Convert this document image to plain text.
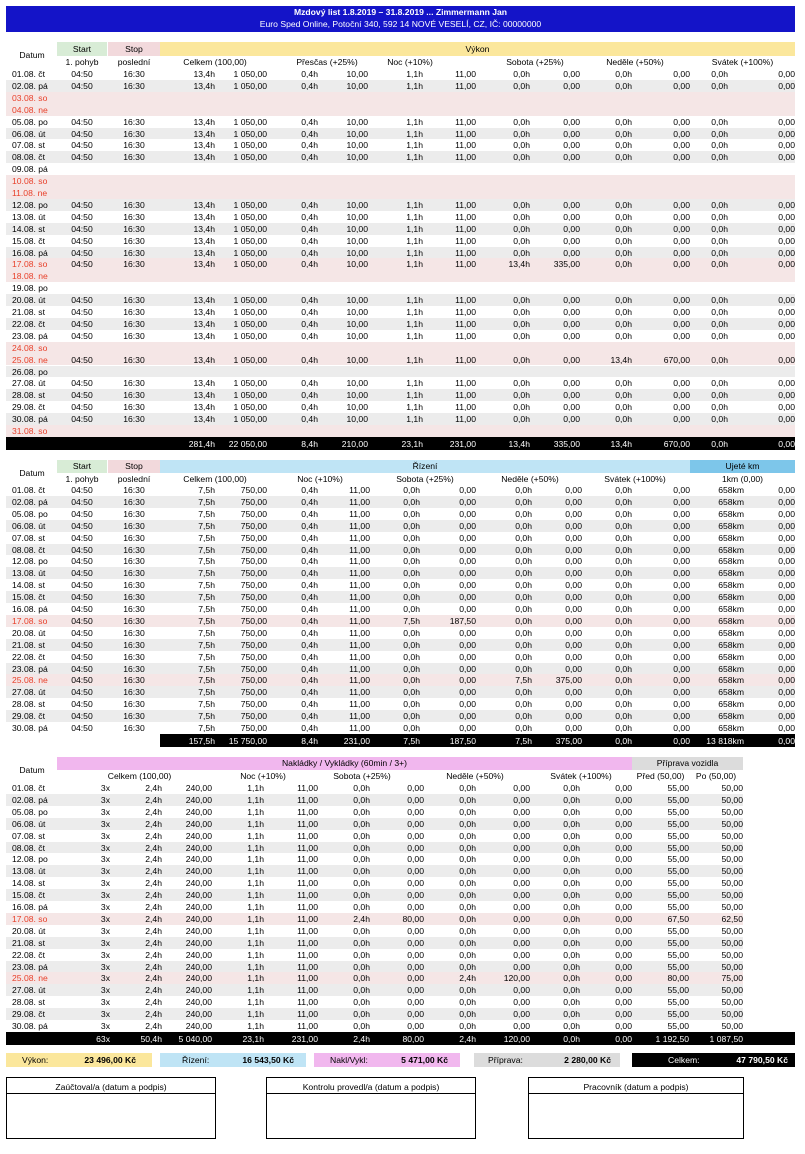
Mzdový list 1.8.2019 – 31.8.2019 ... Zimmermann Jan
Euro Sped Online, Potoční 340, 592 14 NOVÉ VESELÍ, CZ, IČ: 00000000
Zaúčtoval/a (datum a podpis)	Kontrolu provedl/a (datum a podpis)	Pracovník (datum a podpis)
Datum
Start
1. pohyb
Stop
poslední
Výkon
Celkem (100,00)	Přesčas (+25%)	Noc (+10%)	Sobota (+25%)	Neděle (+50%)	Svátek (+100%)
01.08. čt	04:50	16:30	13,4h	1 050,00	0,4h	10,00	1,1h	11,00	0,0h	0,00	0,0h	0,00	0,0h	0,00
02.08. pá	04:50	16:30	13,4h	1 050,00	0,4h	10,00	1,1h	11,00	0,0h	0,00	0,0h	0,00	0,0h	0,00
03.08. so
04.08. ne
05.08. po	04:50	16:30	13,4h	1 050,00	0,4h	10,00	1,1h	11,00	0,0h	0,00	0,0h	0,00	0,0h	0,00
06.08. út	04:50	16:30	13,4h	1 050,00	0,4h	10,00	1,1h	11,00	0,0h	0,00	0,0h	0,00	0,0h	0,00
07.08. st	04:50	16:30	13,4h	1 050,00	0,4h	10,00	1,1h	11,00	0,0h	0,00	0,0h	0,00	0,0h	0,00
08.08. čt	04:50	16:30	13,4h	1 050,00	0,4h	10,00	1,1h	11,00	0,0h	0,00	0,0h	0,00	0,0h	0,00
09.08. pá
10.08. so
11.08. ne
12.08. po	04:50	16:30	13,4h	1 050,00	0,4h	10,00	1,1h	11,00	0,0h	0,00	0,0h	0,00	0,0h	0,00
13.08. út	04:50	16:30	13,4h	1 050,00	0,4h	10,00	1,1h	11,00	0,0h	0,00	0,0h	0,00	0,0h	0,00
14.08. st	04:50	16:30	13,4h	1 050,00	0,4h	10,00	1,1h	11,00	0,0h	0,00	0,0h	0,00	0,0h	0,00
15.08. čt	04:50	16:30	13,4h	1 050,00	0,4h	10,00	1,1h	11,00	0,0h	0,00	0,0h	0,00	0,0h	0,00
16.08. pá	04:50	16:30	13,4h	1 050,00	0,4h	10,00	1,1h	11,00	0,0h	0,00	0,0h	0,00	0,0h	0,00
17.08. so	04:50	16:30	13,4h	1 050,00	0,4h	10,00	1,1h	11,00	13,4h	335,00	0,0h	0,00	0,0h	0,00
18.08. ne
19.08. po
20.08. út	04:50	16:30	13,4h	1 050,00	0,4h	10,00	1,1h	11,00	0,0h	0,00	0,0h	0,00	0,0h	0,00
21.08. st	04:50	16:30	13,4h	1 050,00	0,4h	10,00	1,1h	11,00	0,0h	0,00	0,0h	0,00	0,0h	0,00
22.08. čt	04:50	16:30	13,4h	1 050,00	0,4h	10,00	1,1h	11,00	0,0h	0,00	0,0h	0,00	0,0h	0,00
23.08. pá	04:50	16:30	13,4h	1 050,00	0,4h	10,00	1,1h	11,00	0,0h	0,00	0,0h	0,00	0,0h	0,00
24.08. so
25.08. ne	04:50	16:30	13,4h	1 050,00	0,4h	10,00	1,1h	11,00	0,0h	0,00	13,4h	670,00	0,0h	0,00
26.08. po
27.08. út	04:50	16:30	13,4h	1 050,00	0,4h	10,00	1,1h	11,00	0,0h	0,00	0,0h	0,00	0,0h	0,00
28.08. st	04:50	16:30	13,4h	1 050,00	0,4h	10,00	1,1h	11,00	0,0h	0,00	0,0h	0,00	0,0h	0,00
29.08. čt	04:50	16:30	13,4h	1 050,00	0,4h	10,00	1,1h	11,00	0,0h	0,00	0,0h	0,00	0,0h	0,00
30.08. pá	04:50	16:30	13,4h	1 050,00	0,4h	10,00	1,1h	11,00	0,0h	0,00	0,0h	0,00	0,0h	0,00
31.08. so
281,4h	22 050,00	8,4h	210,00	23,1h	231,00	13,4h	335,00	13,4h	670,00	0,0h	0,00
Datum
Start
1. pohyb
Stop
poslední
Řízení	Ujeté km
Celkem (100,00)	Noc (+10%)	Sobota (+25%)	Neděle (+50%)	Svátek (+100%)	1km (0,00)
01.08. čt	04:50	16:30	7,5h	750,00	0,4h	11,00	0,0h	0,00	0,0h	0,00	0,0h	0,00	658km	0,00
02.08. pá	04:50	16:30	7,5h	750,00	0,4h	11,00	0,0h	0,00	0,0h	0,00	0,0h	0,00	658km	0,00
05.08. po	04:50	16:30	7,5h	750,00	0,4h	11,00	0,0h	0,00	0,0h	0,00	0,0h	0,00	658km	0,00
06.08. út	04:50	16:30	7,5h	750,00	0,4h	11,00	0,0h	0,00	0,0h	0,00	0,0h	0,00	658km	0,00
07.08. st	04:50	16:30	7,5h	750,00	0,4h	11,00	0,0h	0,00	0,0h	0,00	0,0h	0,00	658km	0,00
08.08. čt	04:50	16:30	7,5h	750,00	0,4h	11,00	0,0h	0,00	0,0h	0,00	0,0h	0,00	658km	0,00
12.08. po	04:50	16:30	7,5h	750,00	0,4h	11,00	0,0h	0,00	0,0h	0,00	0,0h	0,00	658km	0,00
13.08. út	04:50	16:30	7,5h	750,00	0,4h	11,00	0,0h	0,00	0,0h	0,00	0,0h	0,00	658km	0,00
14.08. st	04:50	16:30	7,5h	750,00	0,4h	11,00	0,0h	0,00	0,0h	0,00	0,0h	0,00	658km	0,00
15.08. čt	04:50	16:30	7,5h	750,00	0,4h	11,00	0,0h	0,00	0,0h	0,00	0,0h	0,00	658km	0,00
16.08. pá	04:50	16:30	7,5h	750,00	0,4h	11,00	0,0h	0,00	0,0h	0,00	0,0h	0,00	658km	0,00
17.08. so	04:50	16:30	7,5h	750,00	0,4h	11,00	7,5h	187,50	0,0h	0,00	0,0h	0,00	658km	0,00
20.08. út	04:50	16:30	7,5h	750,00	0,4h	11,00	0,0h	0,00	0,0h	0,00	0,0h	0,00	658km	0,00
21.08. st	04:50	16:30	7,5h	750,00	0,4h	11,00	0,0h	0,00	0,0h	0,00	0,0h	0,00	658km	0,00
22.08. čt	04:50	16:30	7,5h	750,00	0,4h	11,00	0,0h	0,00	0,0h	0,00	0,0h	0,00	658km	0,00
23.08. pá	04:50	16:30	7,5h	750,00	0,4h	11,00	0,0h	0,00	0,0h	0,00	0,0h	0,00	658km	0,00
25.08. ne	04:50	16:30	7,5h	750,00	0,4h	11,00	0,0h	0,00	7,5h	375,00	0,0h	0,00	658km	0,00
27.08. út	04:50	16:30	7,5h	750,00	0,4h	11,00	0,0h	0,00	0,0h	0,00	0,0h	0,00	658km	0,00
28.08. st	04:50	16:30	7,5h	750,00	0,4h	11,00	0,0h	0,00	0,0h	0,00	0,0h	0,00	658km	0,00
29.08. čt	04:50	16:30	7,5h	750,00	0,4h	11,00	0,0h	0,00	0,0h	0,00	0,0h	0,00	658km	0,00
30.08. pá	04:50	16:30	7,5h	750,00	0,4h	11,00	0,0h	0,00	0,0h	0,00	0,0h	0,00	658km	0,00
157,5h	15 750,00	8,4h	231,00	7,5h	187,50	7,5h	375,00	0,0h	0,00	13 818km	0,00
Datum
Nakládky / Vykládky (60min / 3+)	Příprava vozidla
Celkem (100,00)	Noc (+10%)	Sobota (+25%)	Neděle (+50%)	Svátek (+100%)	Před (50,00)	Po (50,00)
01.08. čt	3x	2,4h	240,00	1,1h	11,00	0,0h	0,00	0,0h	0,00	0,0h	0,00	55,00	50,00
02.08. pá	3x	2,4h	240,00	1,1h	11,00	0,0h	0,00	0,0h	0,00	0,0h	0,00	55,00	50,00
05.08. po	3x	2,4h	240,00	1,1h	11,00	0,0h	0,00	0,0h	0,00	0,0h	0,00	55,00	50,00
06.08. út	3x	2,4h	240,00	1,1h	11,00	0,0h	0,00	0,0h	0,00	0,0h	0,00	55,00	50,00
07.08. st	3x	2,4h	240,00	1,1h	11,00	0,0h	0,00	0,0h	0,00	0,0h	0,00	55,00	50,00
08.08. čt	3x	2,4h	240,00	1,1h	11,00	0,0h	0,00	0,0h	0,00	0,0h	0,00	55,00	50,00
12.08. po	3x	2,4h	240,00	1,1h	11,00	0,0h	0,00	0,0h	0,00	0,0h	0,00	55,00	50,00
13.08. út	3x	2,4h	240,00	1,1h	11,00	0,0h	0,00	0,0h	0,00	0,0h	0,00	55,00	50,00
14.08. st	3x	2,4h	240,00	1,1h	11,00	0,0h	0,00	0,0h	0,00	0,0h	0,00	55,00	50,00
15.08. čt	3x	2,4h	240,00	1,1h	11,00	0,0h	0,00	0,0h	0,00	0,0h	0,00	55,00	50,00
16.08. pá	3x	2,4h	240,00	1,1h	11,00	0,0h	0,00	0,0h	0,00	0,0h	0,00	55,00	50,00
17.08. so	3x	2,4h	240,00	1,1h	11,00	2,4h	80,00	0,0h	0,00	0,0h	0,00	67,50	62,50
20.08. út	3x	2,4h	240,00	1,1h	11,00	0,0h	0,00	0,0h	0,00	0,0h	0,00	55,00	50,00
21.08. st	3x	2,4h	240,00	1,1h	11,00	0,0h	0,00	0,0h	0,00	0,0h	0,00	55,00	50,00
22.08. čt	3x	2,4h	240,00	1,1h	11,00	0,0h	0,00	0,0h	0,00	0,0h	0,00	55,00	50,00
23.08. pá	3x	2,4h	240,00	1,1h	11,00	0,0h	0,00	0,0h	0,00	0,0h	0,00	55,00	50,00
25.08. ne	3x	2,4h	240,00	1,1h	11,00	0,0h	0,00	2,4h	120,00	0,0h	0,00	80,00	75,00
27.08. út	3x	2,4h	240,00	1,1h	11,00	0,0h	0,00	0,0h	0,00	0,0h	0,00	55,00	50,00
28.08. st	3x	2,4h	240,00	1,1h	11,00	0,0h	0,00	0,0h	0,00	0,0h	0,00	55,00	50,00
29.08. čt	3x	2,4h	240,00	1,1h	11,00	0,0h	0,00	0,0h	0,00	0,0h	0,00	55,00	50,00
30.08. pá	3x	2,4h	240,00	1,1h	11,00	0,0h	0,00	0,0h	0,00	0,0h	0,00	55,00	50,00
63x	50,4h	5 040,00	23,1h	231,00	2,4h	80,00	2,4h	120,00	0,0h	0,00	1 192,50	1 087,50
Výkon:	23 496,00 Kč	Řízení:	16 543,50 Kč	Nakl/Vykl:	5 471,00 Kč	Příprava:	2 280,00 Kč	Celkem:	47 790,50 Kč
